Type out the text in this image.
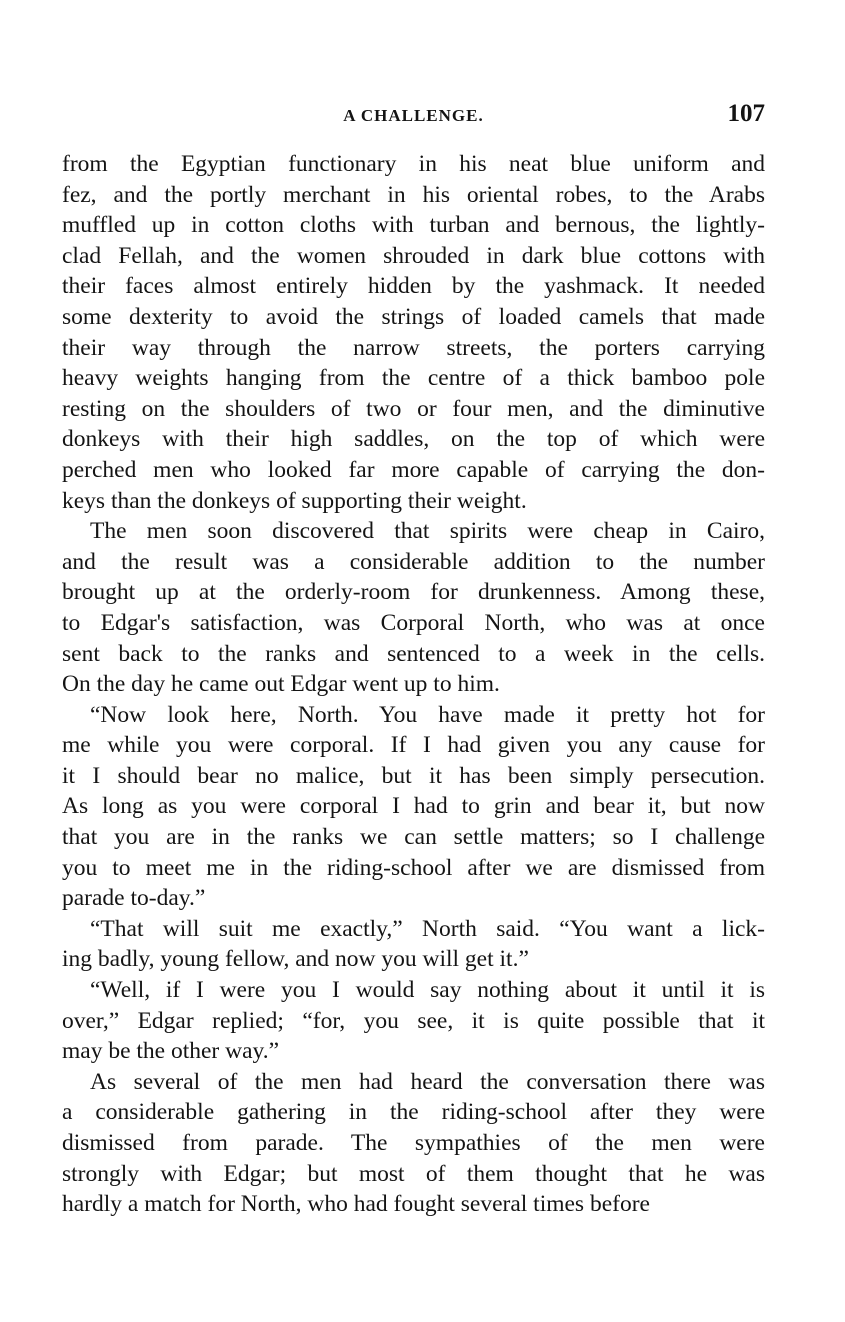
A CHALLENGE.	107
from the Egyptian functionary in his neat blue uniform and
fez, and the portly merchant in his oriental robes, to the Arabs
muffled up in cotton cloths with turban and bernous, the lightly-
clad Fellah, and the women shrouded in dark blue cottons with
their faces almost entirely hidden by the yashmack. It needed
some dexterity to avoid the strings of loaded camels that made
their way through the narrow streets, the porters carrying
heavy weights hanging from the centre of a thick bamboo pole
resting on the shoulders of two or four men, and the diminutive
donkeys with their high saddles, on the top of which were
perched men who looked far more capable of carrying the don-
keys than the donkeys of supporting their weight.
The men soon discovered that spirits were cheap in Cairo,
and the result was a considerable addition to the number
brought up at the orderly-room for drunkenness. Among these,
to Edgar's satisfaction, was Corporal North, who was at once
sent back to the ranks and sentenced to a week in the cells.
On the day he came out Edgar went up to him.
“Now look here, North. You have made it pretty hot for
me while you were corporal. If I had given you any cause for
it I should bear no malice, but it has been simply persecution.
As long as you were corporal I had to grin and bear it, but now
that you are in the ranks we can settle matters; so I challenge
you to meet me in the riding-school after we are dismissed from
parade to-day.”
“That will suit me exactly,” North said. “You want a lick-
ing badly, young fellow, and now you will get it.”
“Well, if I were you I would say nothing about it until it is
over,” Edgar replied; “for, you see, it is quite possible that it
may be the other way.”
As several of the men had heard the conversation there was
a considerable gathering in the riding-school after they were
dismissed from parade. The sympathies of the men were
strongly with Edgar; but most of them thought that he was
hardly a match for North, who had fought several times before
